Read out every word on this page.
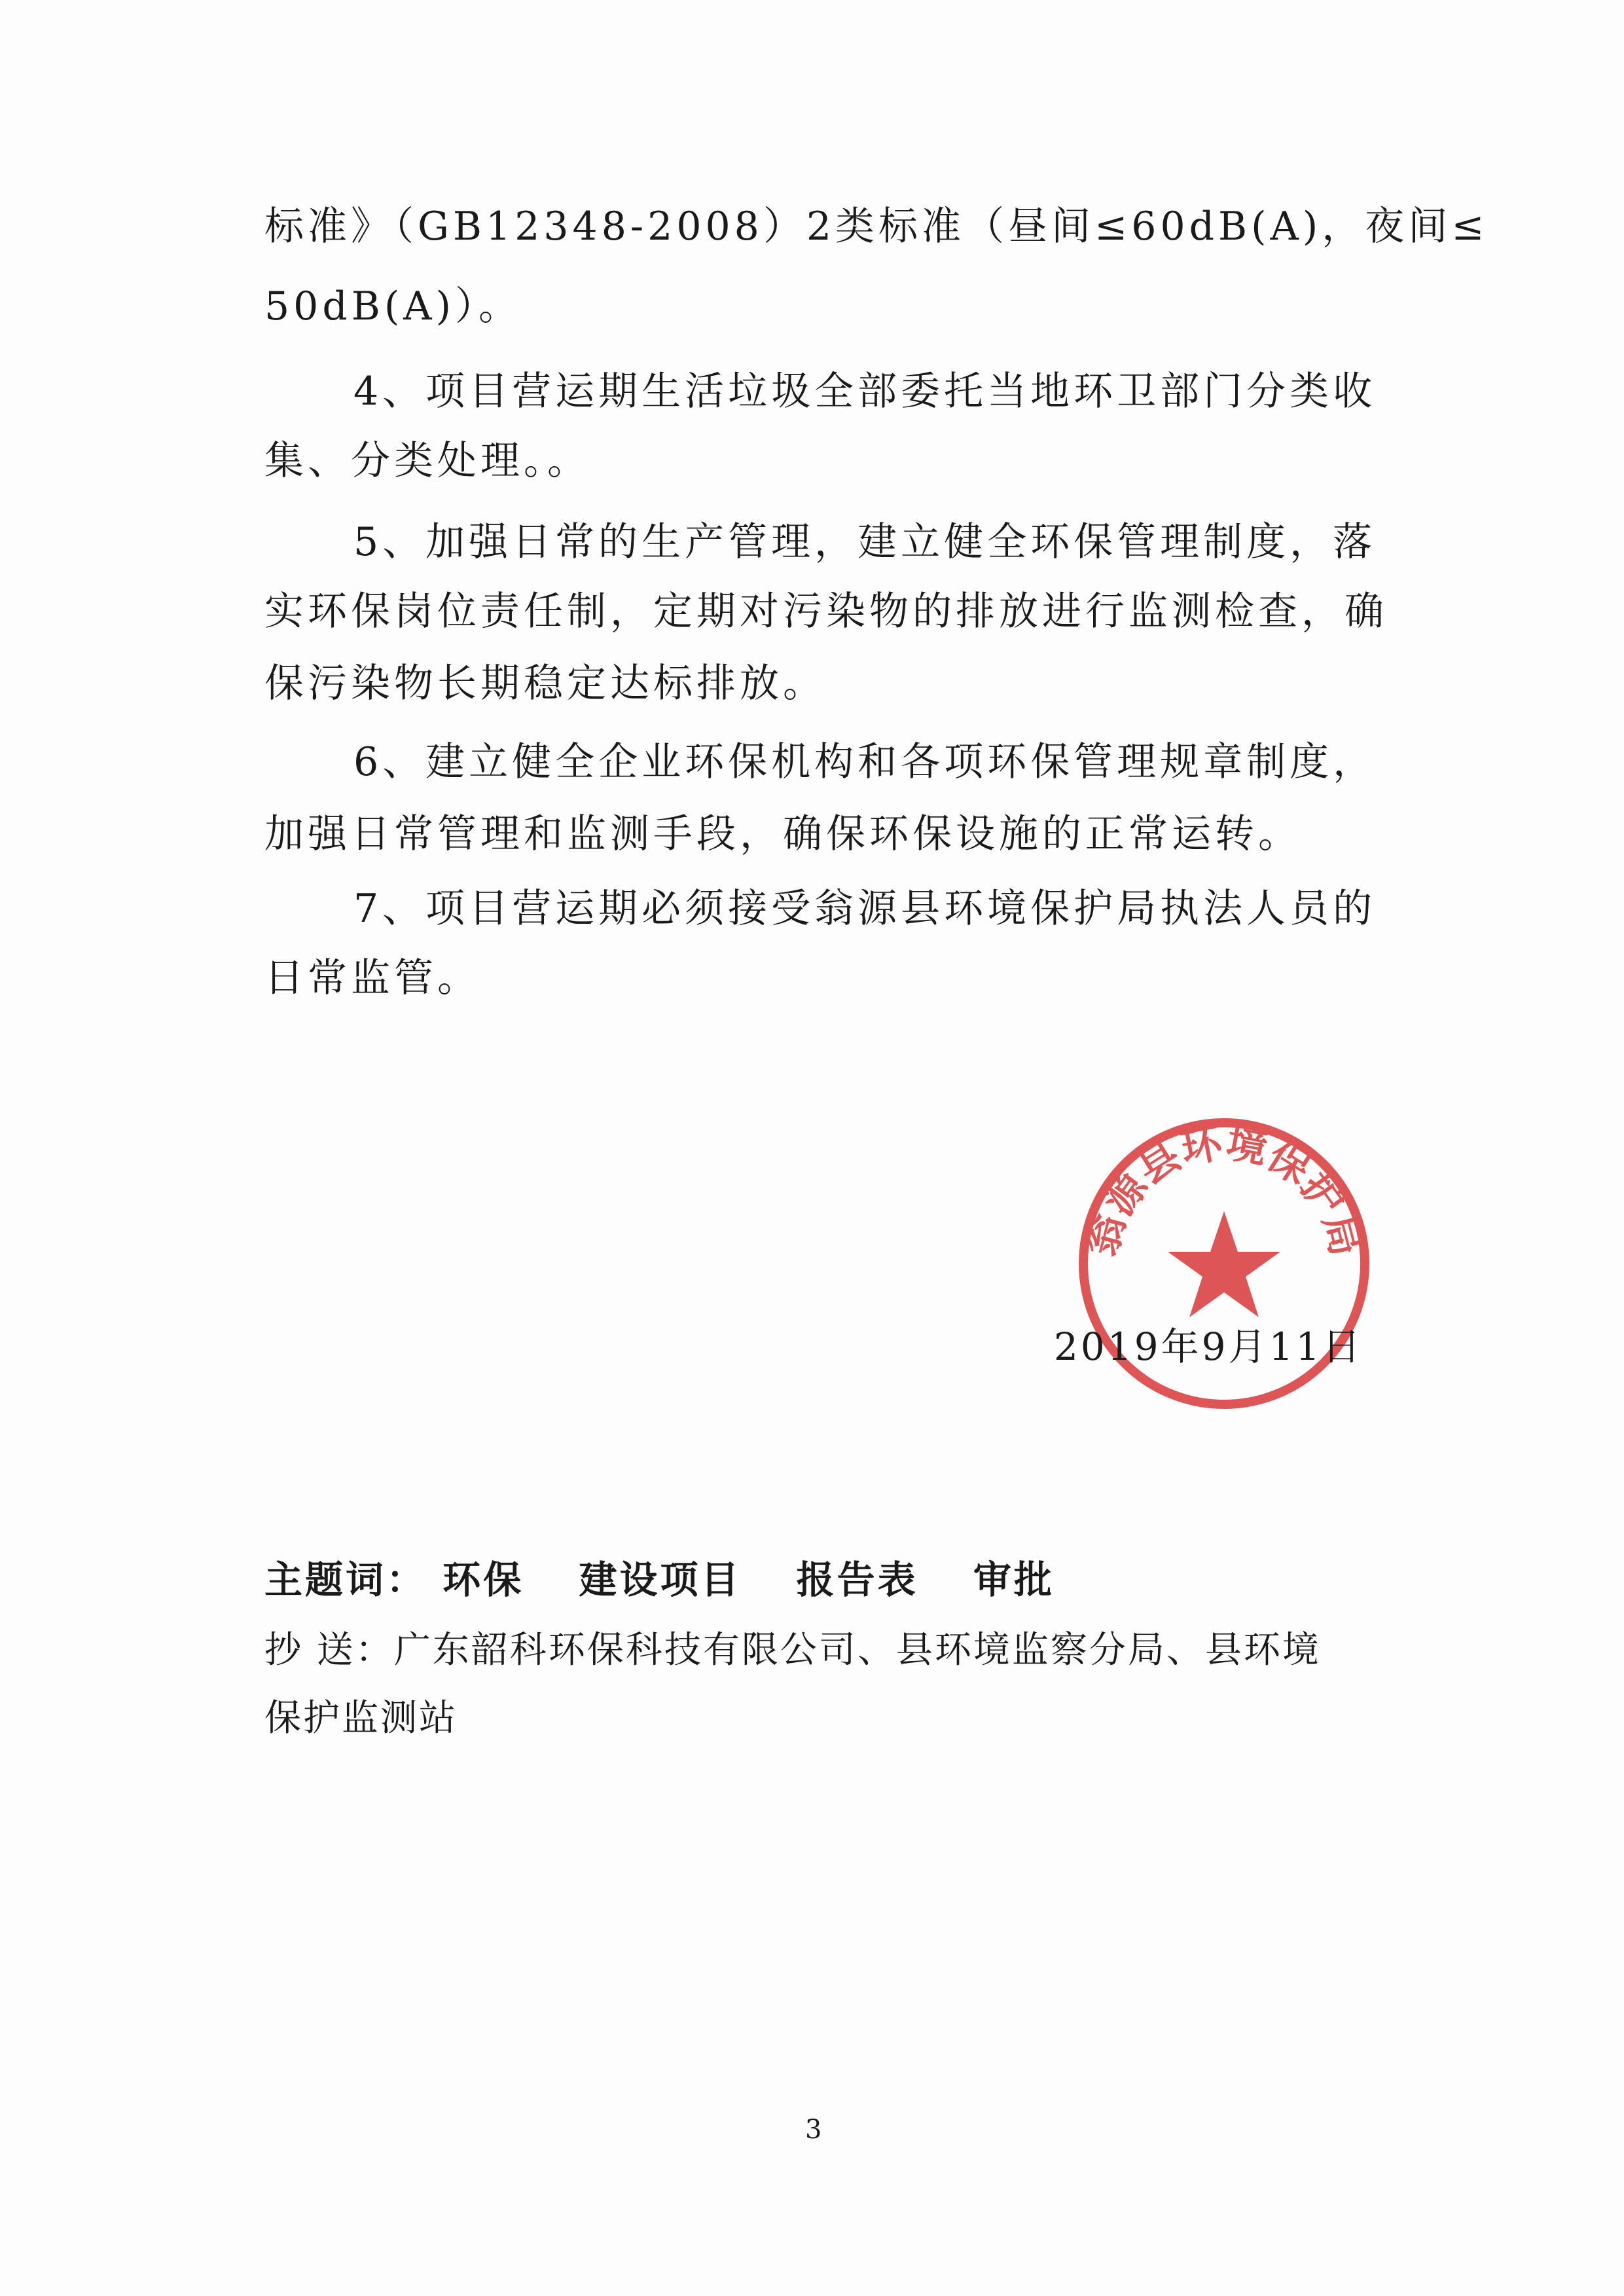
标准》（GB12348-2008）2类标准（昼间≤60dB(A)，夜间≤
50dB(A)）。
4、项目营运期生活垃圾全部委托当地环卫部门分类收
集、分类处理。。
5、加强日常的生产管理，建立健全环保管理制度，落
实环保岗位责任制，定期对污染物的排放进行监测检查，确
保污染物长期稳定达标排放。
6、建立健全企业环保机构和各项环保管理规章制度，
加强日常管理和监测手段，确保环保设施的正常运转。
7、项目营运期必须接受翁源县环境保护局执法人员的
日常监管。
翁源县环境保护局
2019年9月11日
主题词： 环保 建设项目 报告表 审批
抄 送：广东韶科环保科技有限公司、县环境监察分局、县环境
保护监测站
3
